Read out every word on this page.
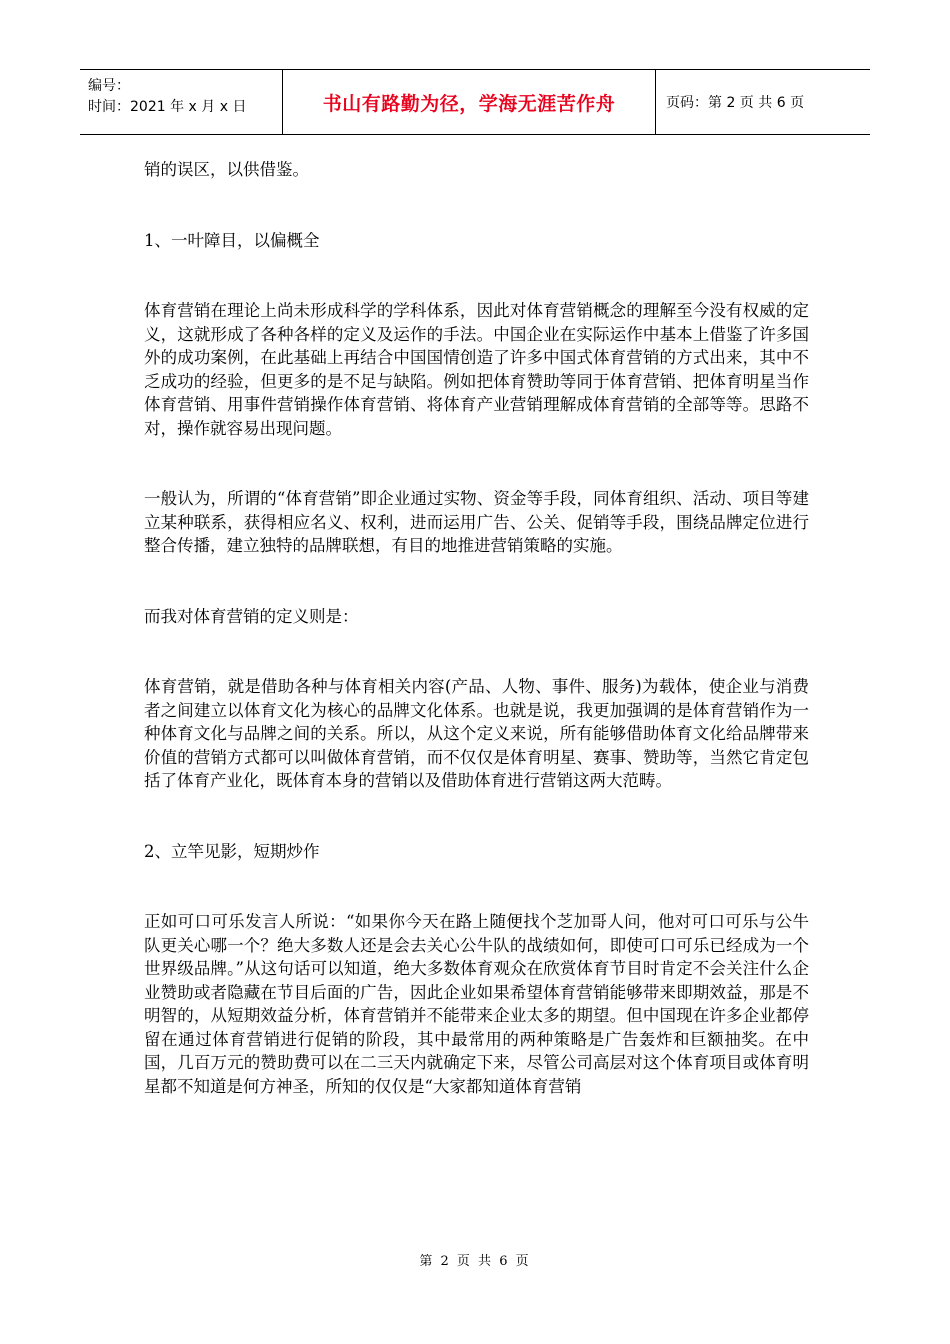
编号：
时间：2021 年 x 月 x 日	书山有路勤为径，学海无涯苦作舟	页码：第 2 页 共 6 页

销的误区，以供借鉴。

1、一叶障目，以偏概全

体育营销在理论上尚未形成科学的学科体系，因此对体育营销概念的理解至今没有权威的定义，这就形成了各种各样的定义及运作的手法。中国企业在实际运作中基本上借鉴了许多国外的成功案例，在此基础上再结合中国国情创造了许多中国式体育营销的方式出来，其中不乏成功的经验，但更多的是不足与缺陷。例如把体育赞助等同于体育营销、把体育明星当作体育营销、用事件营销操作体育营销、将体育产业营销理解成体育营销的全部等等。思路不对，操作就容易出现问题。

一般认为，所谓的“体育营销”即企业通过实物、资金等手段，同体育组织、活动、项目等建立某种联系，获得相应名义、权利，进而运用广告、公关、促销等手段，围绕品牌定位进行整合传播，建立独特的品牌联想，有目的地推进营销策略的实施。

而我对体育营销的定义则是：

体育营销，就是借助各种与体育相关内容(产品、人物、事件、服务)为载体，使企业与消费者之间建立以体育文化为核心的品牌文化体系。也就是说，我更加强调的是体育营销作为一种体育文化与品牌之间的关系。所以，从这个定义来说，所有能够借助体育文化给品牌带来价值的营销方式都可以叫做体育营销，而不仅仅是体育明星、赛事、赞助等，当然它肯定包括了体育产业化，既体育本身的营销以及借助体育进行营销这两大范畴。

2、立竿见影，短期炒作

正如可口可乐发言人所说：“如果你今天在路上随便找个芝加哥人问，他对可口可乐与公牛队更关心哪一个？绝大多数人还是会去关心公牛队的战绩如何，即使可口可乐已经成为一个世界级品牌。”从这句话可以知道，绝大多数体育观众在欣赏体育节目时肯定不会关注什么企业赞助或者隐藏在节目后面的广告，因此企业如果希望体育营销能够带来即期效益，那是不明智的，从短期效益分析，体育营销并不能带来企业太多的期望。但中国现在许多企业都停留在通过体育营销进行促销的阶段，其中最常用的两种策略是广告轰炸和巨额抽奖。在中国，几百万元的赞助费可以在二三天内就确定下来，尽管公司高层对这个体育项目或体育明星都不知道是何方神圣，所知的仅仅是“大家都知道体育营销

第 2 页 共 6 页
